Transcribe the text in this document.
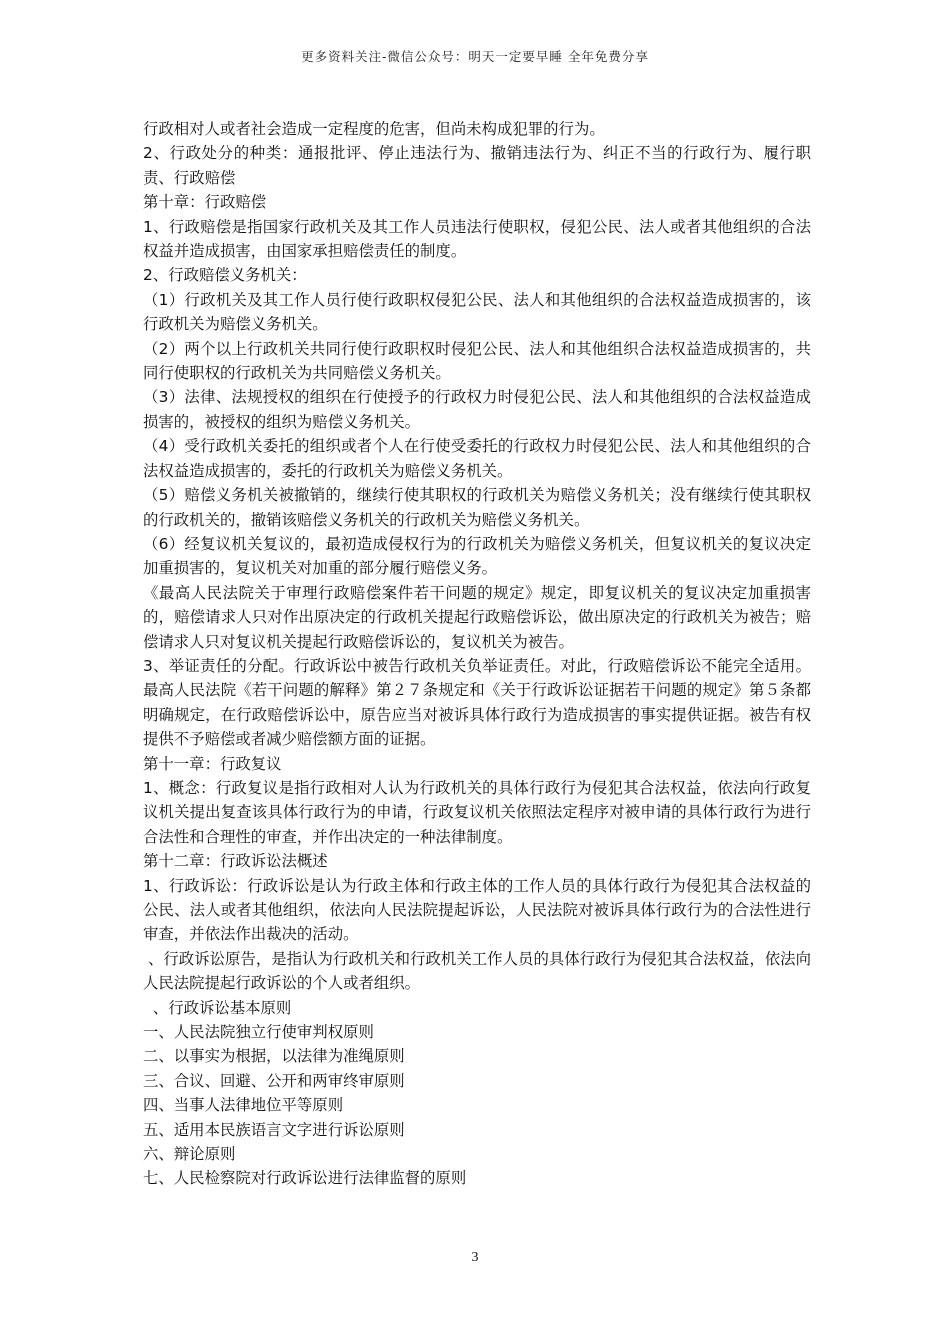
更多资料关注-微信公众号：明天一定要早睡 全年免费分享

行政相对人或者社会造成一定程度的危害，但尚未构成犯罪的行为。

2、行政处分的种类：通报批评、停止违法行为、撤销违法行为、纠正不当的行政行为、履行职责、行政赔偿

第十章：行政赔偿

1、行政赔偿是指国家行政机关及其工作人员违法行使职权，侵犯公民、法人或者其他组织的合法权益并造成损害，由国家承担赔偿责任的制度。

2、行政赔偿义务机关：

（1）行政机关及其工作人员行使行政职权侵犯公民、法人和其他组织的合法权益造成损害的，该行政机关为赔偿义务机关。

（2）两个以上行政机关共同行使行政职权时侵犯公民、法人和其他组织合法权益造成损害的，共同行使职权的行政机关为共同赔偿义务机关。

（3）法律、法规授权的组织在行使授予的行政权力时侵犯公民、法人和其他组织的合法权益造成损害的，被授权的组织为赔偿义务机关。

（4）受行政机关委托的组织或者个人在行使受委托的行政权力时侵犯公民、法人和其他组织的合法权益造成损害的，委托的行政机关为赔偿义务机关。

（5）赔偿义务机关被撤销的，继续行使其职权的行政机关为赔偿义务机关；没有继续行使其职权的行政机关的，撤销该赔偿义务机关的行政机关为赔偿义务机关。

（6）经复议机关复议的，最初造成侵权行为的行政机关为赔偿义务机关，但复议机关的复议决定加重损害的，复议机关对加重的部分履行赔偿义务。

《最高人民法院关于审理行政赔偿案件若干问题的规定》规定，即复议机关的复议决定加重损害的，赔偿请求人只对作出原决定的行政机关提起行政赔偿诉讼，做出原决定的行政机关为被告；赔偿请求人只对复议机关提起行政赔偿诉讼的，复议机关为被告。

3、举证责任的分配。行政诉讼中被告行政机关负举证责任。对此，行政赔偿诉讼不能完全适用。最高人民法院《若干问题的解释》第２７条规定和《关于行政诉讼证据若干问题的规定》第５条都明确规定，在行政赔偿诉讼中，原告应当对被诉具体行政行为造成损害的事实提供证据。被告有权提供不予赔偿或者减少赔偿额方面的证据。

第十一章：行政复议

1、概念：行政复议是指行政相对人认为行政机关的具体行政行为侵犯其合法权益，依法向行政复议机关提出复查该具体行政行为的申请，行政复议机关依照法定程序对被申请的具体行政行为进行合法性和合理性的审查，并作出决定的一种法律制度。

第十二章：行政诉讼法概述

1、行政诉讼：行政诉讼是认为行政主体和行政主体的工作人员的具体行政行为侵犯其合法权益的公民、法人或者其他组织，依法向人民法院提起诉讼，人民法院对被诉具体行政行为的合法性进行审查，并依法作出裁决的活动。

、行政诉讼原告，是指认为行政机关和行政机关工作人员的具体行政行为侵犯其合法权益，依法向人民法院提起行政诉讼的个人或者组织。

、行政诉讼基本原则

一、人民法院独立行使审判权原则

二、以事实为根据，以法律为准绳原则

三、合议、回避、公开和两审终审原则

四、当事人法律地位平等原则

五、适用本民族语言文字进行诉讼原则

六、辩论原则

七、人民检察院对行政诉讼进行法律监督的原则

3
